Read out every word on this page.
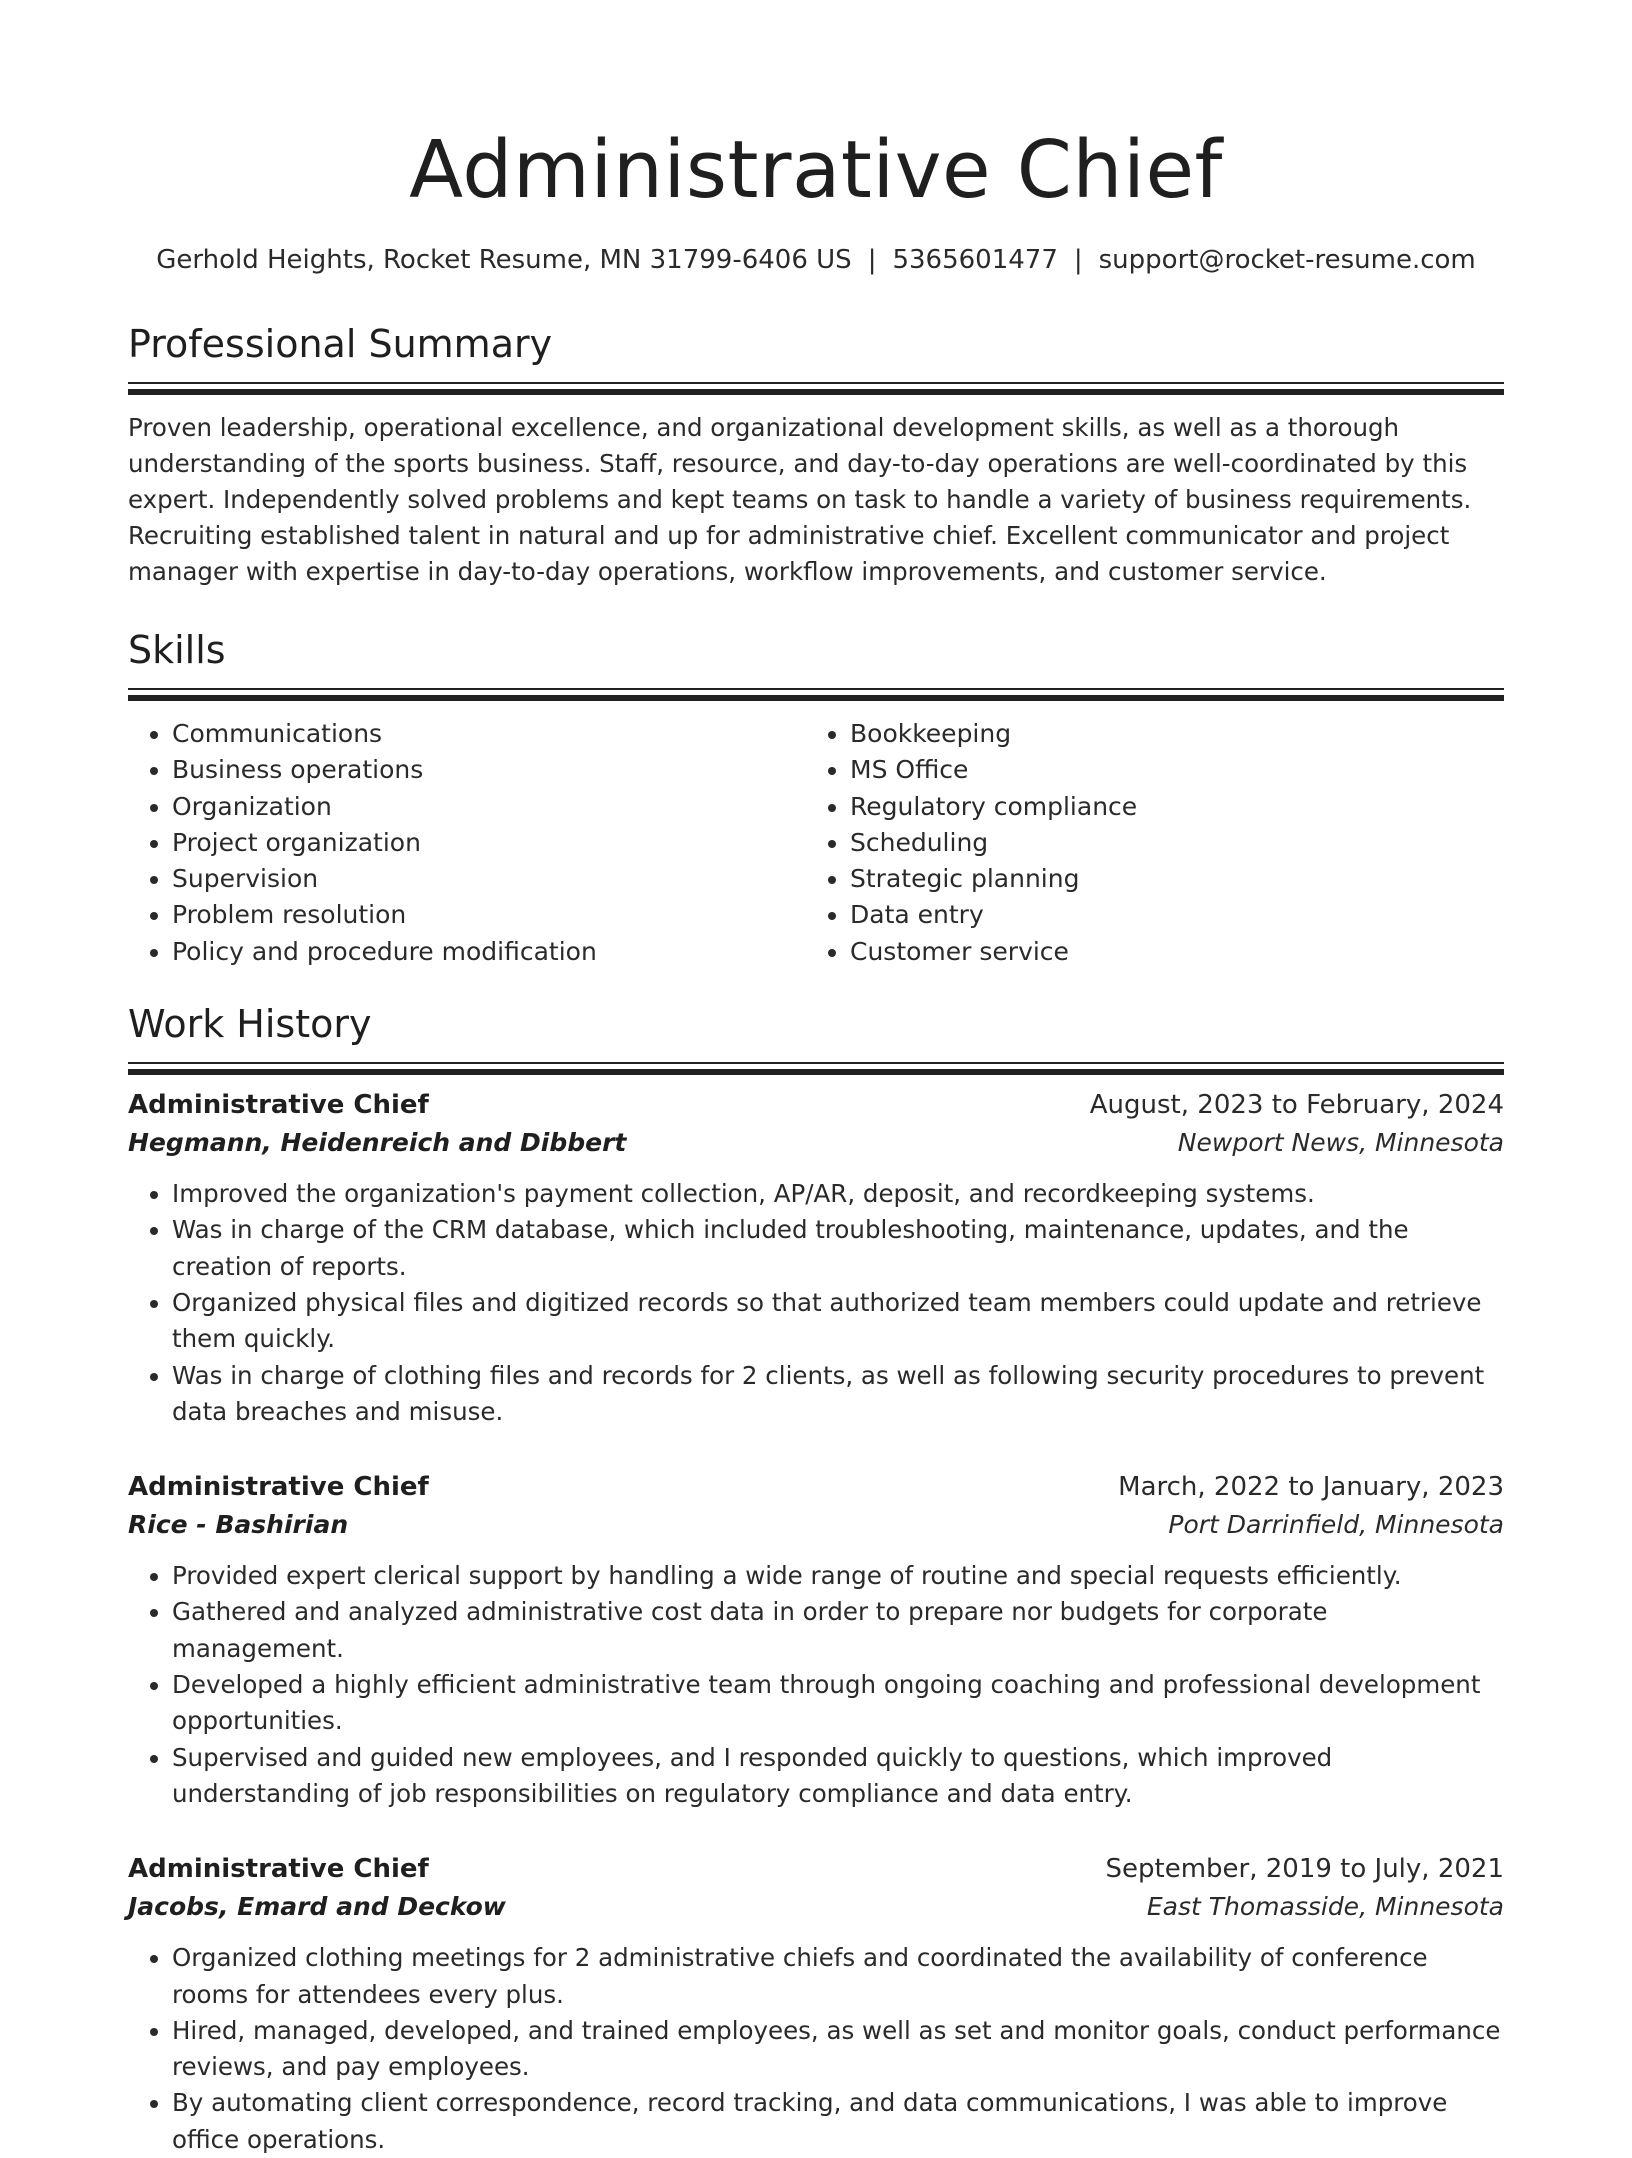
Administrative Chief
Gerhold Heights, Rocket Resume, MN 31799-6406 US | 5365601477 | support@rocket-resume.com
Professional Summary

Proven leadership, operational excellence, and organizational development skills, as well as a thorough understanding of the sports business. Staff, resource, and day-to-day operations are well-coordinated by this expert. Independently solved problems and kept teams on task to handle a variety of business requirements. Recruiting established talent in natural and up for administrative chief. Excellent communicator and project manager with expertise in day-to-day operations, workflow improvements, and customer service.

Skills
• Communications
• Business operations
• Organization
• Project organization
• Supervision
• Problem resolution
• Policy and procedure modification
• Bookkeeping
• MS Office
• Regulatory compliance
• Scheduling
• Strategic planning
• Data entry
• Customer service
Work History
Administrative Chief	August, 2023 to February, 2024
Hegmann, Heidenreich and Dibbert	Newport News, Minnesota
• Improved the organization's payment collection, AP/AR, deposit, and recordkeeping systems.
• Was in charge of the CRM database, which included troubleshooting, maintenance, updates, and the creation of reports.
• Organized physical files and digitized records so that authorized team members could update and retrieve them quickly.
• Was in charge of clothing files and records for 2 clients, as well as following security procedures to prevent data breaches and misuse.
Administrative Chief	March, 2022 to January, 2023
Rice - Bashirian	Port Darrinfield, Minnesota
• Provided expert clerical support by handling a wide range of routine and special requests efficiently.
• Gathered and analyzed administrative cost data in order to prepare nor budgets for corporate management.
• Developed a highly efficient administrative team through ongoing coaching and professional development opportunities.
• Supervised and guided new employees, and I responded quickly to questions, which improved understanding of job responsibilities on regulatory compliance and data entry.
Administrative Chief	September, 2019 to July, 2021
Jacobs, Emard and Deckow	East Thomasside, Minnesota
• Organized clothing meetings for 2 administrative chiefs and coordinated the availability of conference rooms for attendees every plus.
• Hired, managed, developed, and trained employees, as well as set and monitor goals, conduct performance reviews, and pay employees.
• By automating client correspondence, record tracking, and data communications, I was able to improve office operations.
